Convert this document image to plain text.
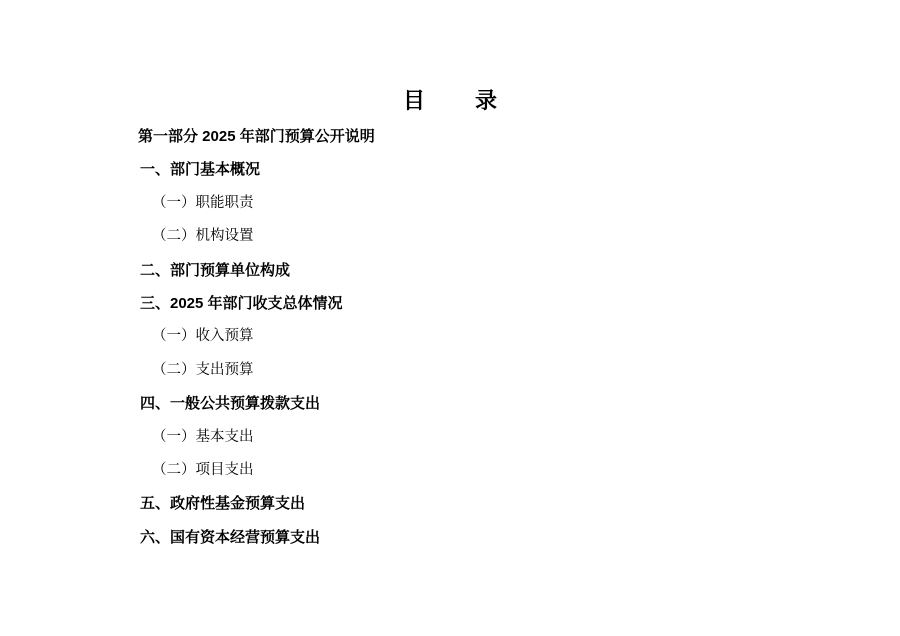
目　录
第一部分 2025 年部门预算公开说明
一、部门基本概况
（一）职能职责
（二）机构设置
二、部门预算单位构成
三、2025 年部门收支总体情况
（一）收入预算
（二）支出预算
四、一般公共预算拨款支出
（一）基本支出
（二）项目支出
五、政府性基金预算支出
六、国有资本经营预算支出
